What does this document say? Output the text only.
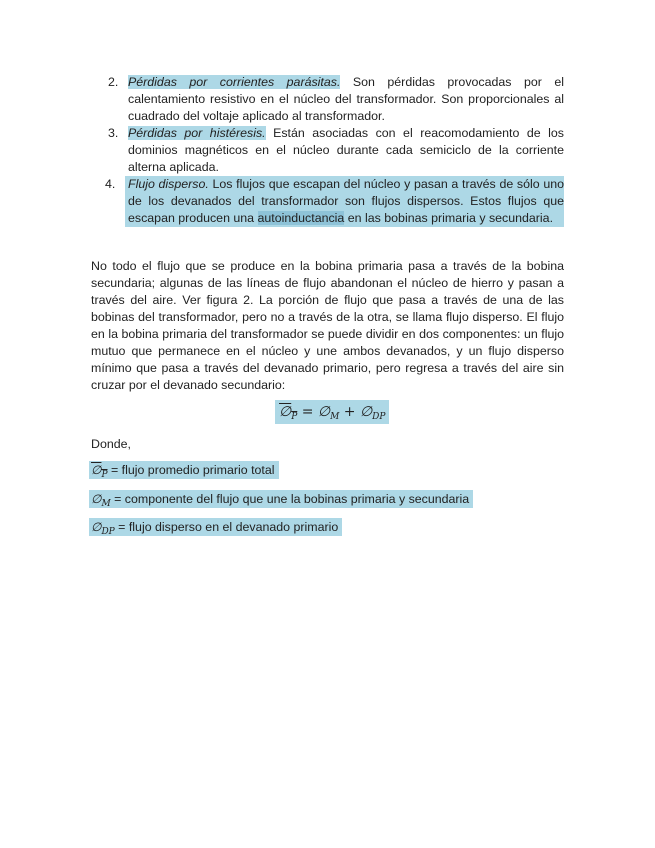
2. Pérdidas por corrientes parásitas. Son pérdidas provocadas por el calentamiento resistivo en el núcleo del transformador. Son proporcionales al cuadrado del voltaje aplicado al transformador.
3. Pérdidas por histéresis. Están asociadas con el reacomodamiento de los dominios magnéticos en el núcleo durante cada semiciclo de la corriente alterna aplicada.
4. Flujo disperso. Los flujos que escapan del núcleo y pasan a través de sólo uno de los devanados del transformador son flujos dispersos. Estos flujos que escapan producen una autoinductancia en las bobinas primaria y secundaria.

No todo el flujo que se produce en la bobina primaria pasa a través de la bobina secundaria; algunas de las líneas de flujo abandonan el núcleo de hierro y pasan a través del aire. Ver figura 2. La porción de flujo que pasa a través de una de las bobinas del transformador, pero no a través de la otra, se llama flujo disperso. El flujo en la bobina primaria del transformador se puede dividir en dos componentes: un flujo mutuo que permanece en el núcleo y une ambos devanados, y un flujo disperso mínimo que pasa a través del devanado primario, pero regresa a través del aire sin cruzar por el devanado secundario:

$\emptyset_P$ = $\emptyset_M$ + $\emptyset_{DP}$

Donde,

$\emptyset_P$ = flujo promedio primario total
$\emptyset_M$ = componente del flujo que une la bobinas primaria y secundaria
$\emptyset_{DP}$ = flujo disperso en el devanado primario
